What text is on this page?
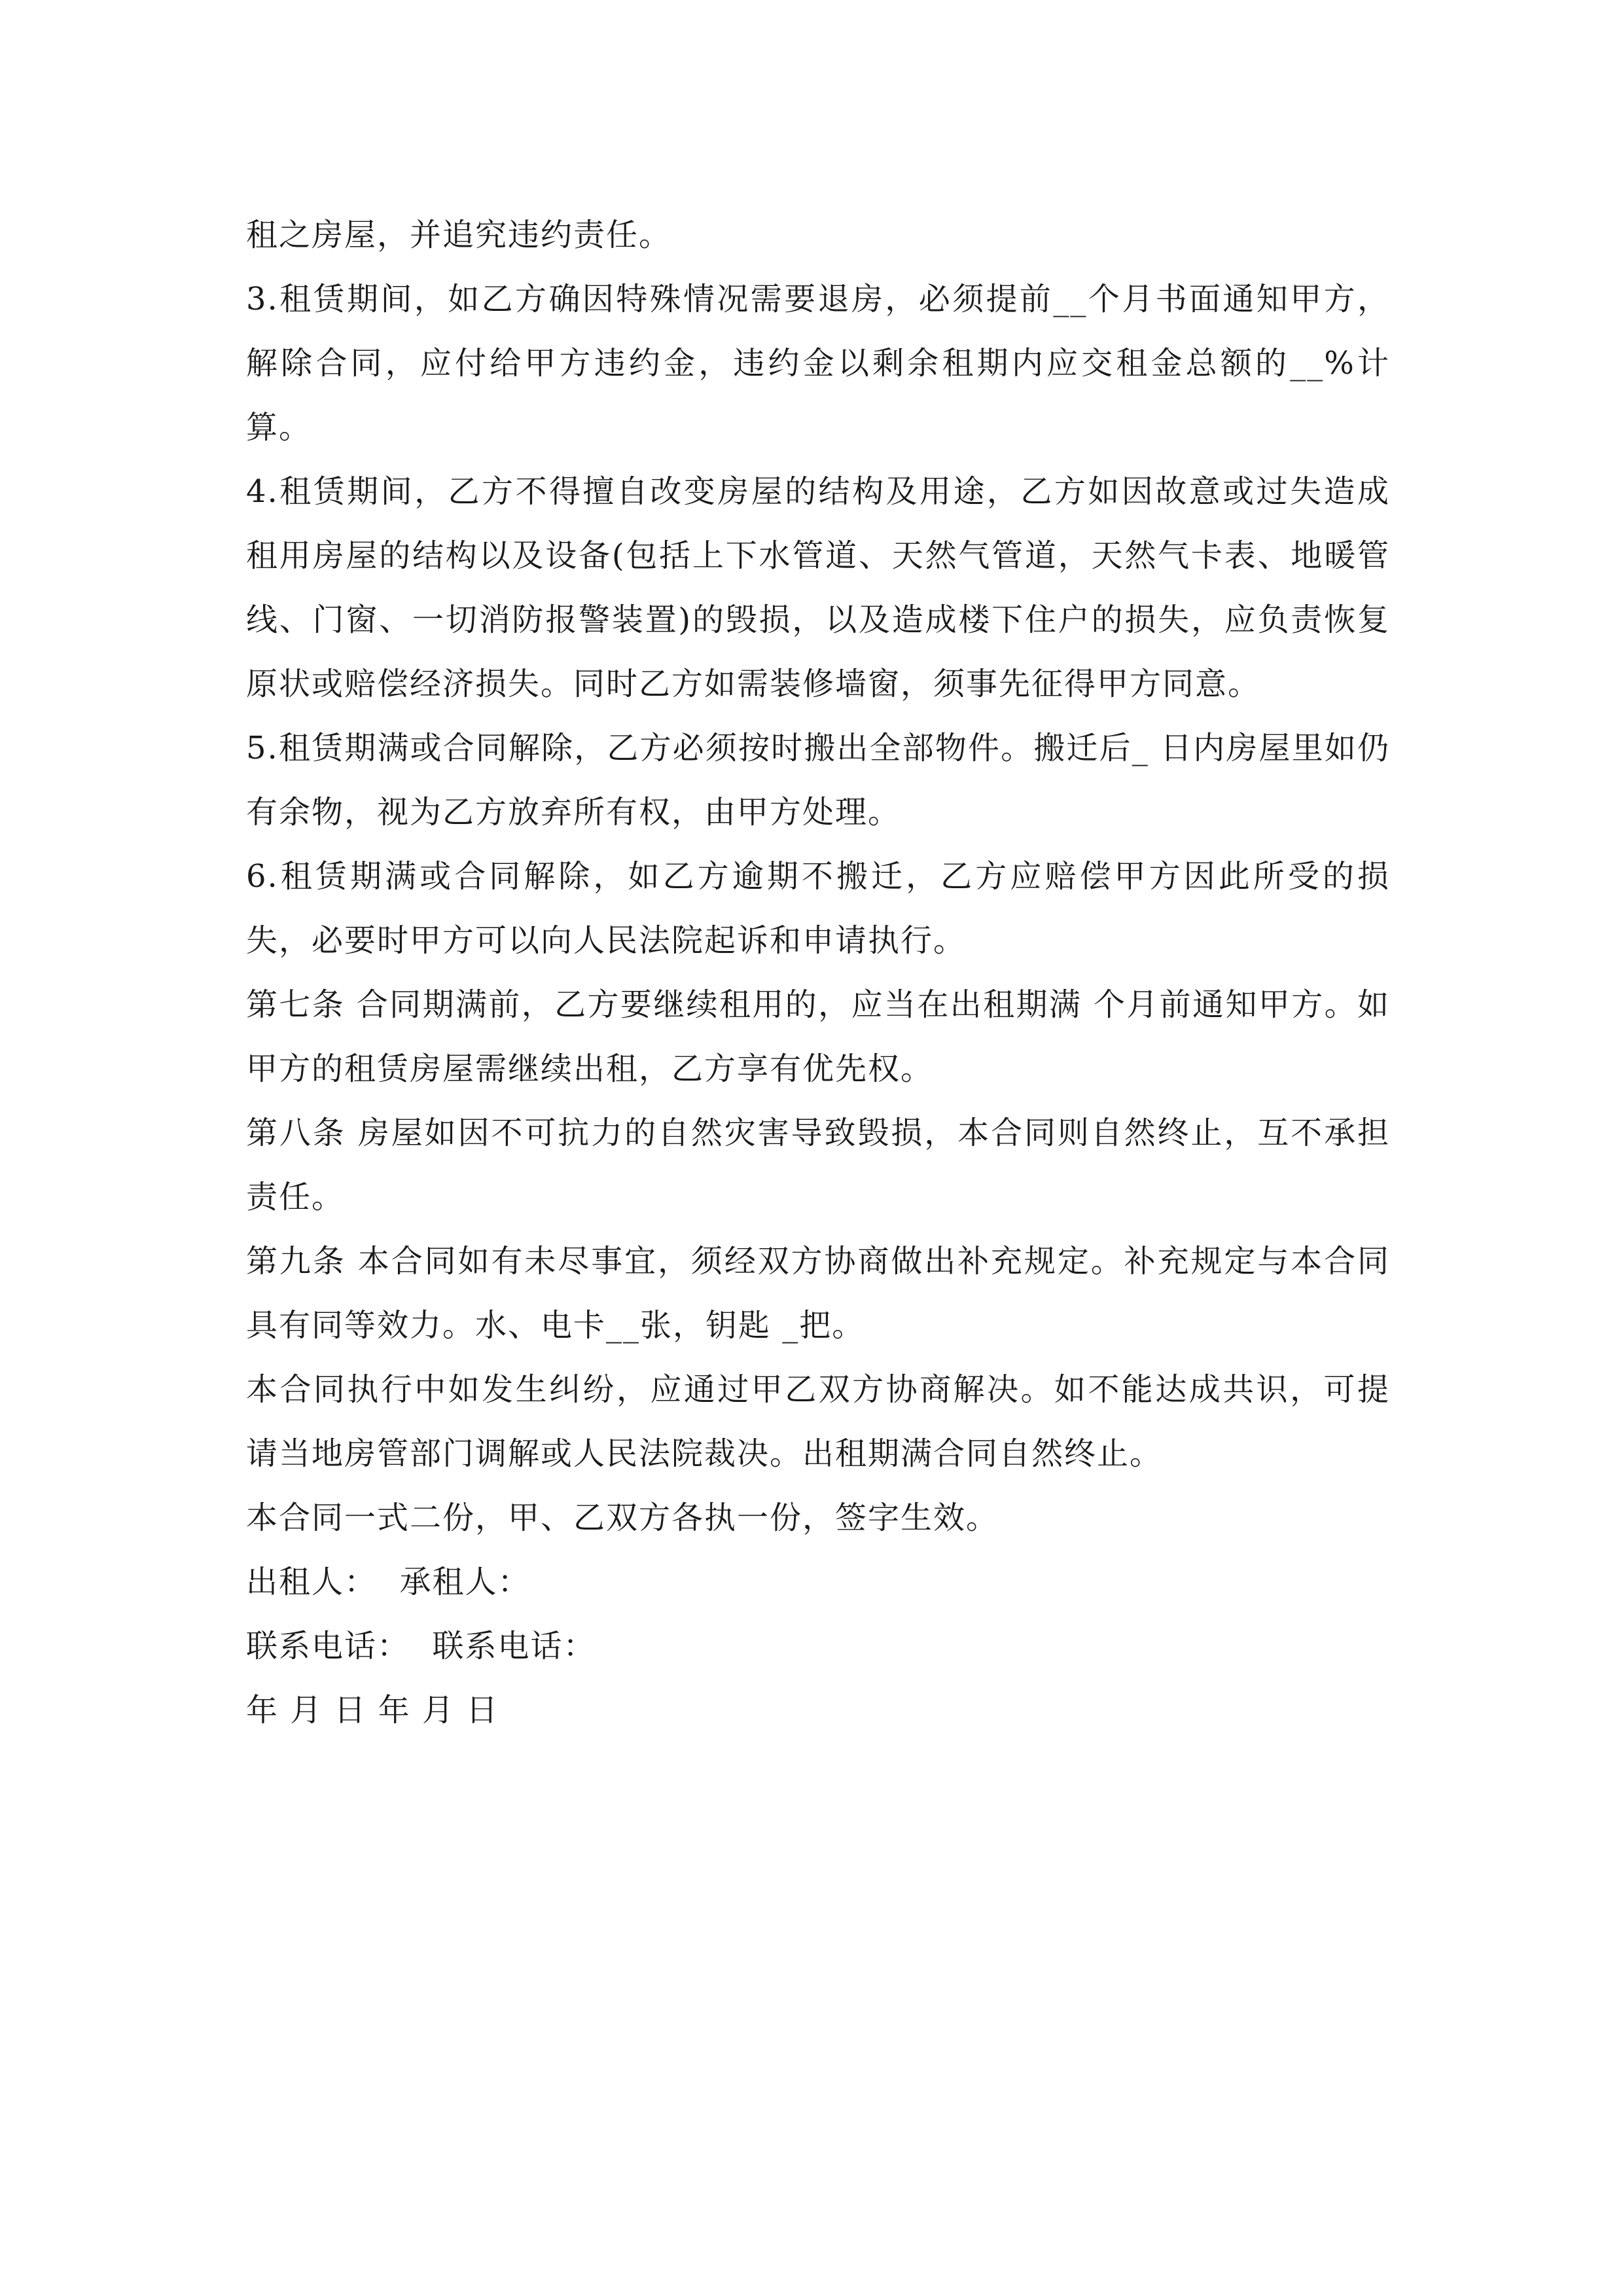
租之房屋，并追究违约责任。

3.租赁期间，如乙方确因特殊情况需要退房，必须提前__个月书面通知甲方，解除合同，应付给甲方违约金，违约金以剩余租期内应交租金总额的__%计算。

4.租赁期间，乙方不得擅自改变房屋的结构及用途，乙方如因故意或过失造成租用房屋的结构以及设备(包括上下水管道、天然气管道，天然气卡表、地暖管线、门窗、一切消防报警装置)的毁损，以及造成楼下住户的损失，应负责恢复原状或赔偿经济损失。同时乙方如需装修墙窗，须事先征得甲方同意。

5.租赁期满或合同解除，乙方必须按时搬出全部物件。搬迁后_ 日内房屋里如仍有余物，视为乙方放弃所有权，由甲方处理。

6.租赁期满或合同解除，如乙方逾期不搬迁，乙方应赔偿甲方因此所受的损失，必要时甲方可以向人民法院起诉和申请执行。

第七条 合同期满前，乙方要继续租用的，应当在出租期满 个月前通知甲方。如甲方的租赁房屋需继续出租，乙方享有优先权。

第八条 房屋如因不可抗力的自然灾害导致毁损，本合同则自然终止，互不承担责任。

第九条 本合同如有未尽事宜，须经双方协商做出补充规定。补充规定与本合同具有同等效力。水、电卡__张，钥匙 _把。

本合同执行中如发生纠纷，应通过甲乙双方协商解决。如不能达成共识，可提请当地房管部门调解或人民法院裁决。出租期满合同自然终止。

本合同一式二份，甲、乙双方各执一份，签字生效。

出租人：  承租人：

联系电话：  联系电话：

年 月 日 年 月 日
